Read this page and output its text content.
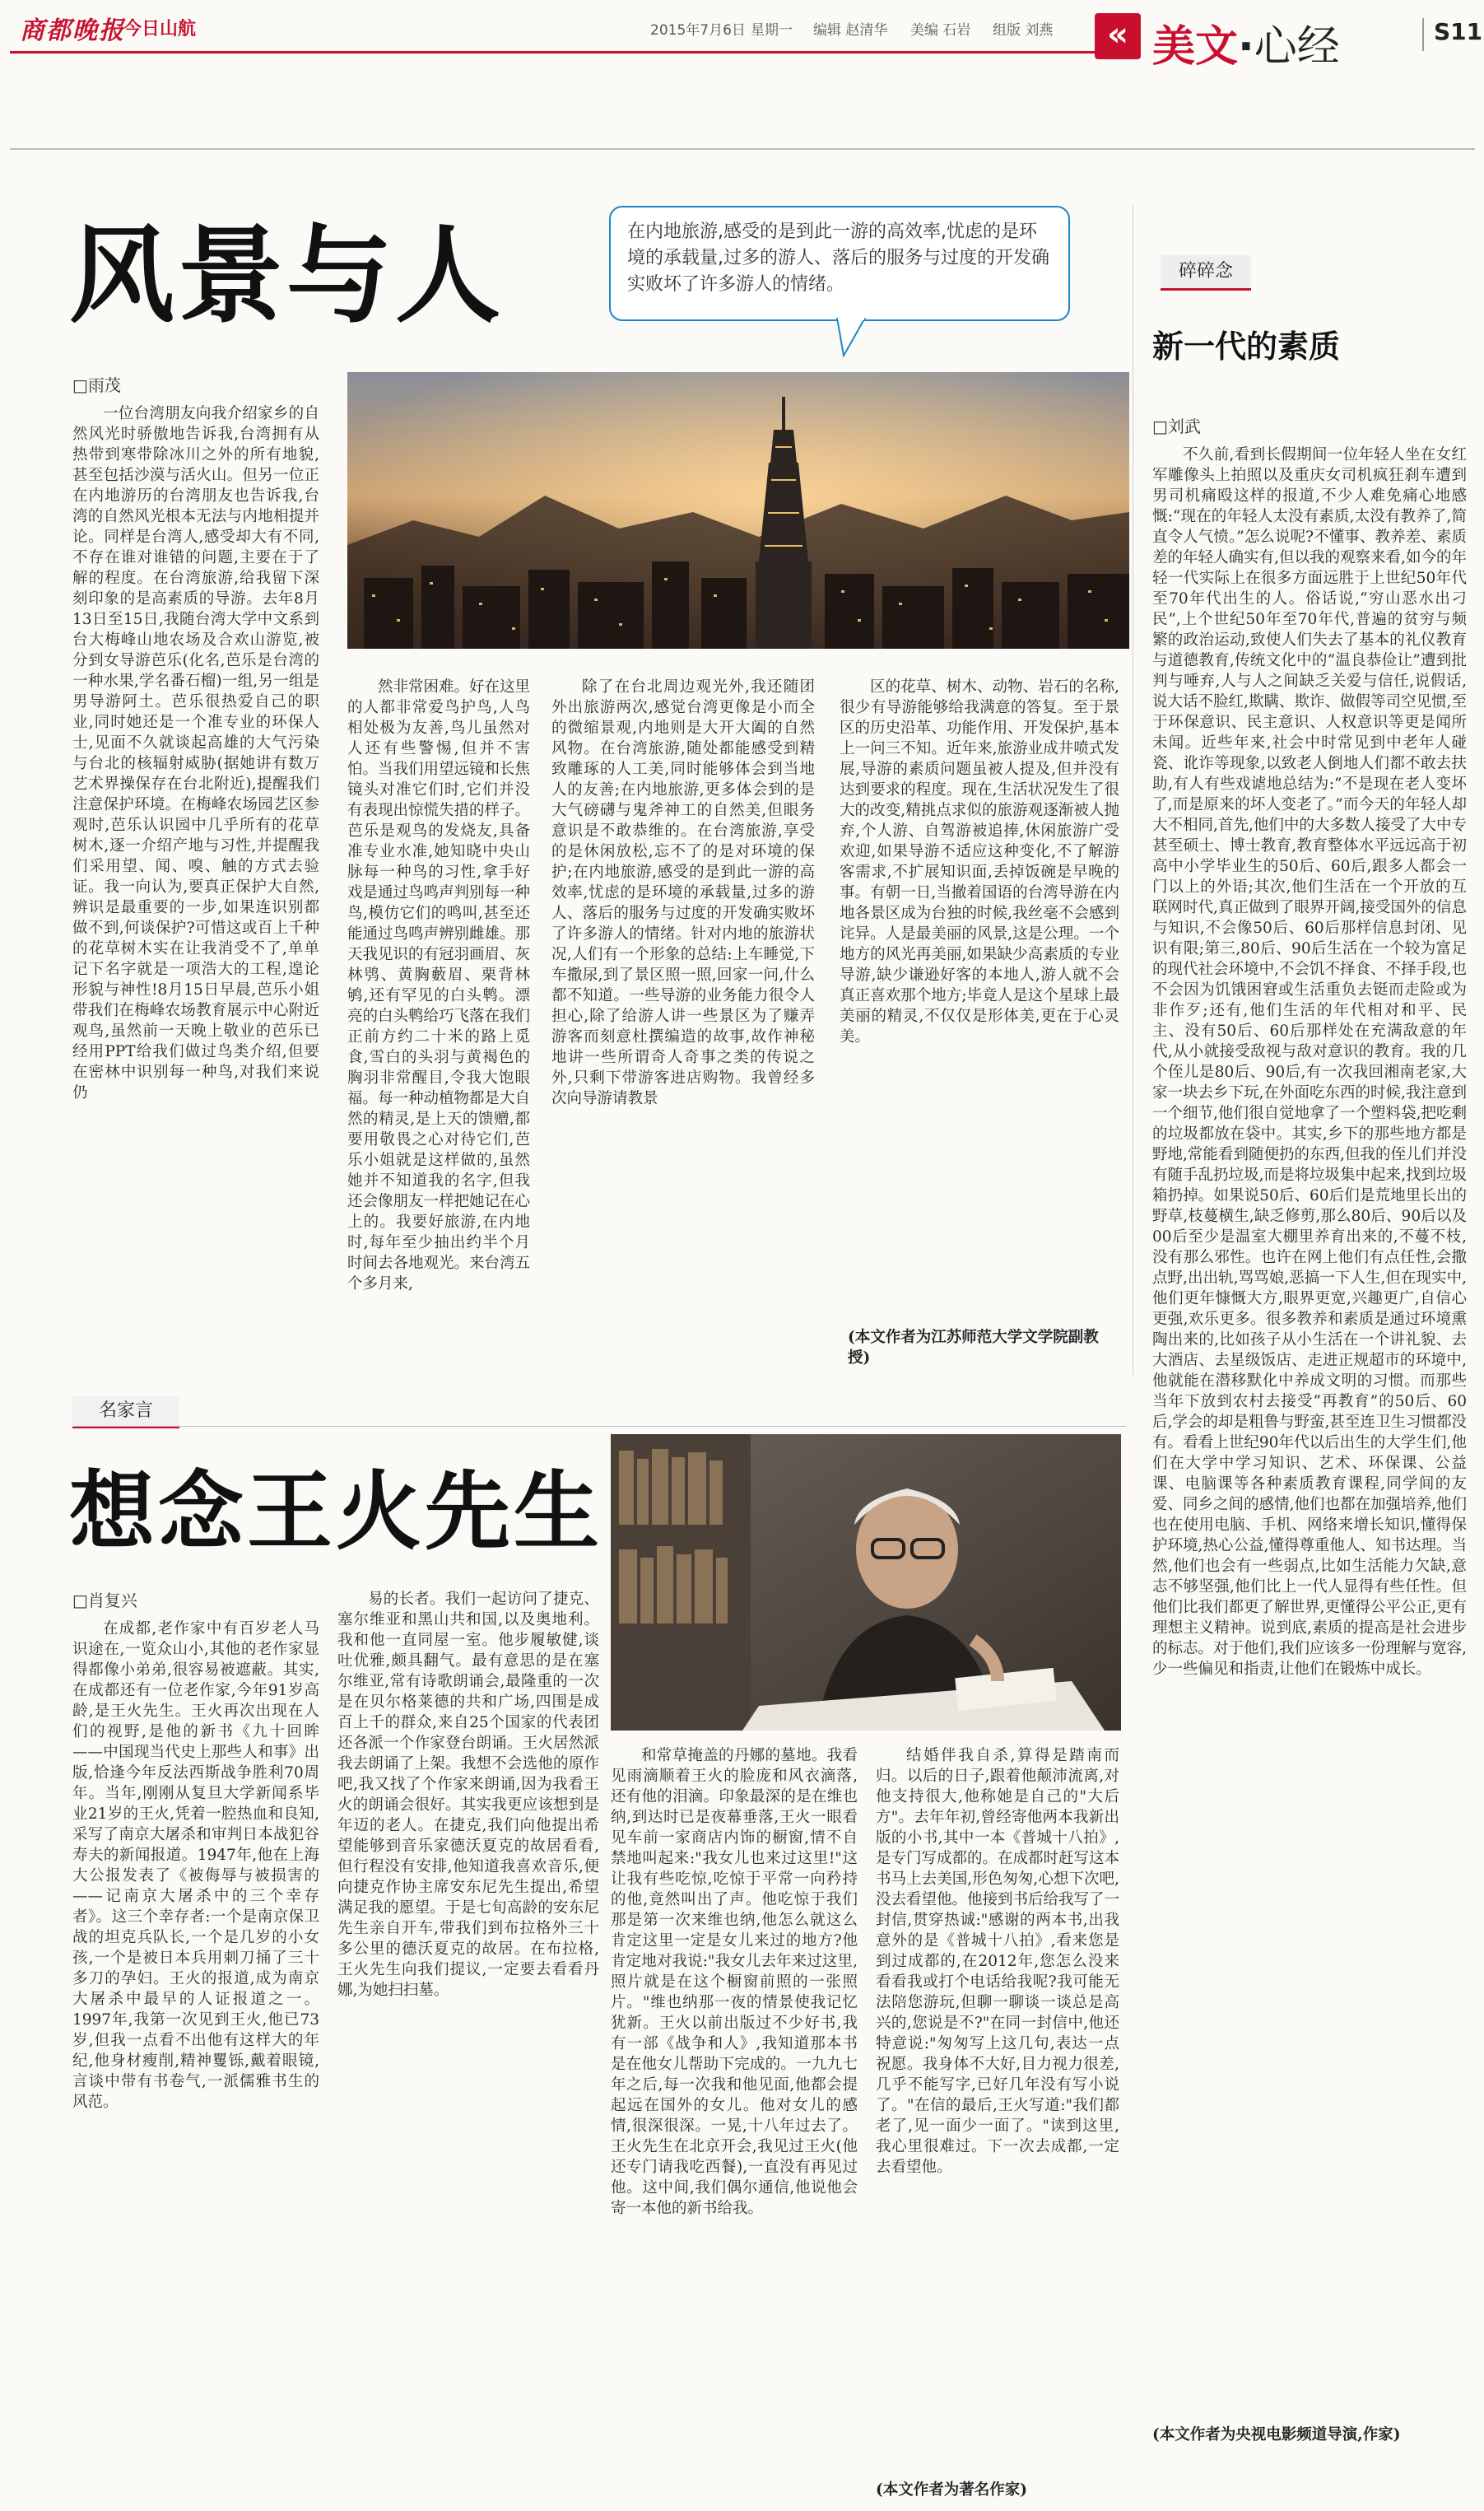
商都晚报
今日山航	2015年7月6日 星期一 编辑 赵清华 美编 石岩 组版 刘燕	« 美文·心经	S11
风景与人	在内地旅游,感受的是到此一游的高效率,忧虑的是环境的承载量,过多的游人、落后的服务与过度的开发确实败坏了许多游人的情绪。
□雨茂

一位台湾朋友向我介绍家乡的自然风光时骄傲地告诉我,台湾拥有从热带到寒带除冰川之外的所有地貌,甚至包括沙漠与活火山。但另一位正在内地游历的台湾朋友也告诉我,台湾的自然风光根本无法与内地相提并论。同样是台湾人,感受却大有不同,不存在谁对谁错的问题,主要在于了解的程度。在台湾旅游,给我留下深刻印象的是高素质的导游。去年8月13日至15日,我随台湾大学中文系到台大梅峰山地农场及合欢山游览,被分到女导游芭乐(化名,芭乐是台湾的一种水果,学名番石榴)一组,另一组是男导游阿土。芭乐很热爱自己的职业,同时她还是一个准专业的环保人士,见面不久就谈起高雄的大气污染与台北的核辐射威胁(据她讲有数万艺术界操保存在台北附近),提醒我们注意保护环境。在梅峰农场园艺区参观时,芭乐认识园中几乎所有的花草树木,逐一介绍产地与习性,并提醒我们采用望、闻、嗅、触的方式去验证。我一向认为,要真正保护大自然,辨识是最重要的一步,如果连识别都做不到,何谈保护?可惜这或百上千种的花草树木实在让我消受不了,单单记下名字就是一项浩大的工程,遑论形貌与神性!8月15日早晨,芭乐小姐带我们在梅峰农场教育展示中心附近观鸟,虽然前一天晚上敬业的芭乐已经用PPT给我们做过鸟类介绍,但要在密林中识别每一种鸟,对我们来说仍

然非常困难。好在这里的人都非常爱鸟护鸟,人鸟相处极为友善,鸟儿虽然对人还有些警惕,但并不害怕。当我们用望远镜和长焦镜头对准它们时,它们并没有表现出惊慌失措的样子。芭乐是观鸟的发烧友,具备准专业水准,她知晓中央山脉每一种鸟的习性,拿手好戏是通过鸟鸣声判别每一种鸟,模仿它们的鸣叫,甚至还能通过鸟鸣声辨别雌雄。那天我见识的有冠羽画眉、灰林鸮、黄胸藪眉、栗背林鸲,还有罕见的白头鹎。漂亮的白头鹎给巧飞落在我们正前方约二十米的路上觅食,雪白的头羽与黄褐色的胸羽非常醒目,令我大饱眼福。每一种动植物都是大自然的精灵,是上天的馈赠,都要用敬畏之心对待它们,芭乐小姐就是这样做的,虽然她并不知道我的名字,但我还会像朋友一样把她记在心上的。我要好旅游,在内地时,每年至少抽出约半个月时间去各地观光。来台湾五个多月来,

除了在台北周边观光外,我还随团外出旅游两次,感觉台湾更像是小而全的微缩景观,内地则是大开大阖的自然风物。在台湾旅游,随处都能感受到精致雕琢的人工美,同时能够体会到当地人的友善;在内地旅游,更多体会到的是大气磅礴与鬼斧神工的自然美,但眼务意识是不敢恭维的。在台湾旅游,享受的是休闲放松,忘不了的是对环境的保护;在内地旅游,感受的是到此一游的高效率,忧虑的是环境的承载量,过多的游人、落后的服务与过度的开发确实败坏了许多游人的情绪。针对内地的旅游状况,人们有一个形象的总结:上车睡觉,下车撒尿,到了景区照一照,回家一问,什么都不知道。一些导游的业务能力很令人担心,除了给游人讲一些景区为了赚弄游客而刻意杜撰编造的故事,故作神秘地讲一些所谓奇人奇事之类的传说之外,只剩下带游客进店购物。我曾经多次向导游请教景

区的花草、树木、动物、岩石的名称,很少有导游能够给我满意的答复。至于景区的历史沿革、功能作用、开发保护,基本上一问三不知。近年来,旅游业成井喷式发展,导游的素质问题虽被人提及,但并没有达到要求的程度。现在,生活状况发生了很大的改变,精挑点求似的旅游观逐渐被人抛弃,个人游、自驾游被追捧,休闲旅游广受欢迎,如果导游不适应这种变化,不了解游客需求,不扩展知识面,丢掉饭碗是早晚的事。有朝一日,当撤着国语的台湾导游在内地各景区成为台独的时候,我丝毫不会感到诧异。人是最美丽的风景,这是公理。一个地方的风光再美丽,如果缺少高素质的专业导游,缺少谦逊好客的本地人,游人就不会真正喜欢那个地方;毕竟人是这个星球上最美丽的精灵,不仅仅是形体美,更在于心灵美。

(本文作者为江苏师范大学文学院副教授)
碎碎念
新一代的素质
□刘武

不久前,看到长假期间一位年轻人坐在女红军雕像头上拍照以及重庆女司机疯狂刹车遭到男司机痛殴这样的报道,不少人难免痛心地感慨:“现在的年轻人太没有素质,太没有教养了,简直令人气愤。”怎么说呢?不懂事、教养差、素质差的年轻人确实有,但以我的观察来看,如今的年轻一代实际上在很多方面远胜于上世纪50年代至70年代出生的人。俗话说,“穷山恶水出刁民”,上个世纪50年至70年代,普遍的贫穷与频繁的政治运动,致使人们失去了基本的礼仪教育与道德教育,传统文化中的“温良恭俭让”遭到批判与唾弃,人与人之间缺乏关爱与信任,说假话,说大话不脸红,欺瞒、欺诈、做假等司空见惯,至于环保意识、民主意识、人权意识等更是闻所未闻。近些年来,社会中时常见到中老年人碰瓷、讹诈等现象,以致老人倒地人们都不敢去扶助,有人有些戏谑地总结为:“不是现在老人变坏了,而是原来的坏人变老了。”而今天的年轻人却大不相同,首先,他们中的大多数人接受了大中专甚至硕士、博士教育,教育整体水平远远高于初高中小学毕业生的50后、60后,跟多人都会一门以上的外语;其次,他们生活在一个开放的互联网时代,真正做到了眼界开阔,接受国外的信息与知识,不会像50后、60后那样信息封闭、见识有限;第三,80后、90后生活在一个较为富足的现代社会环境中,不会饥不择食、不择手段,也不会因为饥饿困窘或生活重负去铤而走险或为非作歹;还有,他们生活的年代相对和平、民主、没有50后、60后那样处在充满敌意的年代,从小就接受敌视与敌对意识的教育。我的几个侄儿是80后、90后,有一次我回湘南老家,大家一块去乡下玩,在外面吃东西的时候,我注意到一个细节,他们很自觉地拿了一个塑料袋,把吃剩的垃圾都放在袋中。其实,乡下的那些地方都是野地,常能看到随便扔的东西,但我的侄儿们并没有随手乱扔垃圾,而是将垃圾集中起来,找到垃圾箱扔掉。如果说50后、60后们是荒地里长出的野草,枝蔓横生,缺乏修剪,那么80后、90后以及00后至少是温室大棚里养育出来的,不蔓不枝,没有那么邪性。也许在网上他们有点任性,会撒点野,出出轨,骂骂娘,恶搞一下人生,但在现实中,他们更年慷慨大方,眼界更宽,兴趣更广,自信心更强,欢乐更多。很多教养和素质是通过环境熏陶出来的,比如孩子从小生活在一个讲礼貌、去大酒店、去星级饭店、走进正规超市的环境中,他就能在潜移默化中养成文明的习惯。而那些当年下放到农村去接受“再教育”的50后、60后,学会的却是粗鲁与野蛮,甚至连卫生习惯都没有。看看上世纪90年代以后出生的大学生们,他们在大学中学习知识、艺术、环保课、公益课、电脑课等各种素质教育课程,同学间的友爱、同乡之间的感情,他们也都在加强培养,他们也在使用电脑、手机、网络来增长知识,懂得保护环境,热心公益,懂得尊重他人、知书达理。当然,他们也会有一些弱点,比如生活能力欠缺,意志不够坚强,他们比上一代人显得有些任性。但他们比我们都更了解世界,更懂得公平公正,更有理想主义精神。说到底,素质的提高是社会进步的标志。对于他们,我们应该多一份理解与宽容,少一些偏见和指责,让他们在锻炼中成长。

(本文作者为央视电影频道导演,作家)
名家言
想念王火先生
□肖复兴

在成都,老作家中有百岁老人马识途在,一览众山小,其他的老作家显得都像小弟弟,很容易被遮蔽。其实,在成都还有一位老作家,今年91岁高龄,是王火先生。王火再次出现在人们的视野,是他的新书《九十回眸——中国现当代史上那些人和事》出版,恰逢今年反法西斯战争胜利70周年。当年,刚刚从复旦大学新闻系毕业21岁的王火,凭着一腔热血和良知,采写了南京大屠杀和审判日本战犯谷寿夫的新闻报道。1947年,他在上海大公报发表了《被侮辱与被损害的——记南京大屠杀中的三个幸存者》。这三个幸存者:一个是南京保卫战的坦克兵队长,一个是几岁的小女孩,一个是被日本兵用刺刀捅了三十多刀的孕妇。王火的报道,成为南京大屠杀中最早的人证报道之一。1997年,我第一次见到王火,他已73岁,但我一点看不出他有这样大的年纪,他身材瘦削,精神矍铄,戴着眼镜,言谈中带有书卷气,一派儒雅书生的风范。

易的长者。我们一起访问了捷克、塞尔维亚和黑山共和国,以及奥地利。我和他一直同屋一室。他步履敏健,谈吐优雅,颇具翻气。最有意思的是在塞尔维亚,常有诗歌朗诵会,最隆重的一次是在贝尔格莱德的共和广场,四围是成百上千的群众,来自25个国家的代表团还各派一个作家登台朗诵。王火居然派我去朗诵了上架。我想不会选他的原作吧,我又找了个作家来朗诵,因为我看王火的朗诵会很好。其实我更应该想到是年迈的老人。在捷克,我们向他提出希望能够到音乐家德沃夏克的故居看看,但行程没有安排,他知道我喜欢音乐,便向捷克作协主席安东尼先生提出,希望满足我的愿望。于是七旬高龄的安东尼先生亲自开车,带我们到布拉格外三十多公里的德沃夏克的故居。在布拉格,王火先生向我们提议,一定要去看看丹娜,为她扫扫墓。

和常草掩盖的丹娜的墓地。我看见雨滴顺着王火的脸庞和风衣滴落,还有他的泪滴。印象最深的是在维也纳,到达时已是夜幕垂落,王火一眼看见车前一家商店内饰的橱窗,情不自禁地叫起来:"我女儿也来过这里!"这让我有些吃惊,吃惊于平常一向矜持的他,竟然叫出了声。他吃惊于我们那是第一次来维也纳,他怎么就这么肯定这里一定是女儿来过的地方?他肯定地对我说:"我女儿去年来过这里,照片就是在这个橱窗前照的一张照片。"维也纳那一夜的情景使我记忆犹新。王火以前出版过不少好书,我有一部《战争和人》,我知道那本书是在他女儿帮助下完成的。一九九七年之后,每一次我和他见面,他都会提起远在国外的女儿。他对女儿的感情,很深很深。一晃,十八年过去了。王火先生在北京开会,我见过王火(他还专门请我吃西餐),一直没有再见过他。这中间,我们偶尔通信,他说他会寄一本他的新书给我。

结婚伴我自杀,算得是踏南而归。以后的日子,跟着他颠沛流离,对他支持很大,他称她是自己的"大后方"。去年年初,曾经寄他两本我新出版的小书,其中一本《普城十八拍》,是专门写成都的。在成都时赶写这本书马上去美国,形色匆匆,心想下次吧,没去看望他。他接到书后给我写了一封信,贯穿热诚:"感谢的两本书,出我意外的是《普城十八拍》,看来您是到过成都的,在2012年,您怎么没来看看我或打个电话给我呢?我可能无法陪您游玩,但聊一聊谈一谈总是高兴的,您说是不?"在同一封信中,他还特意说:"匆匆写上这几句,表达一点祝愿。我身体不大好,目力视力很差,几乎不能写字,已好几年没有写小说了。"在信的最后,王火写道:"我们都老了,见一面少一面了。"读到这里,我心里很难过。下一次去成都,一定去看望他。

(本文作者为著名作家)
